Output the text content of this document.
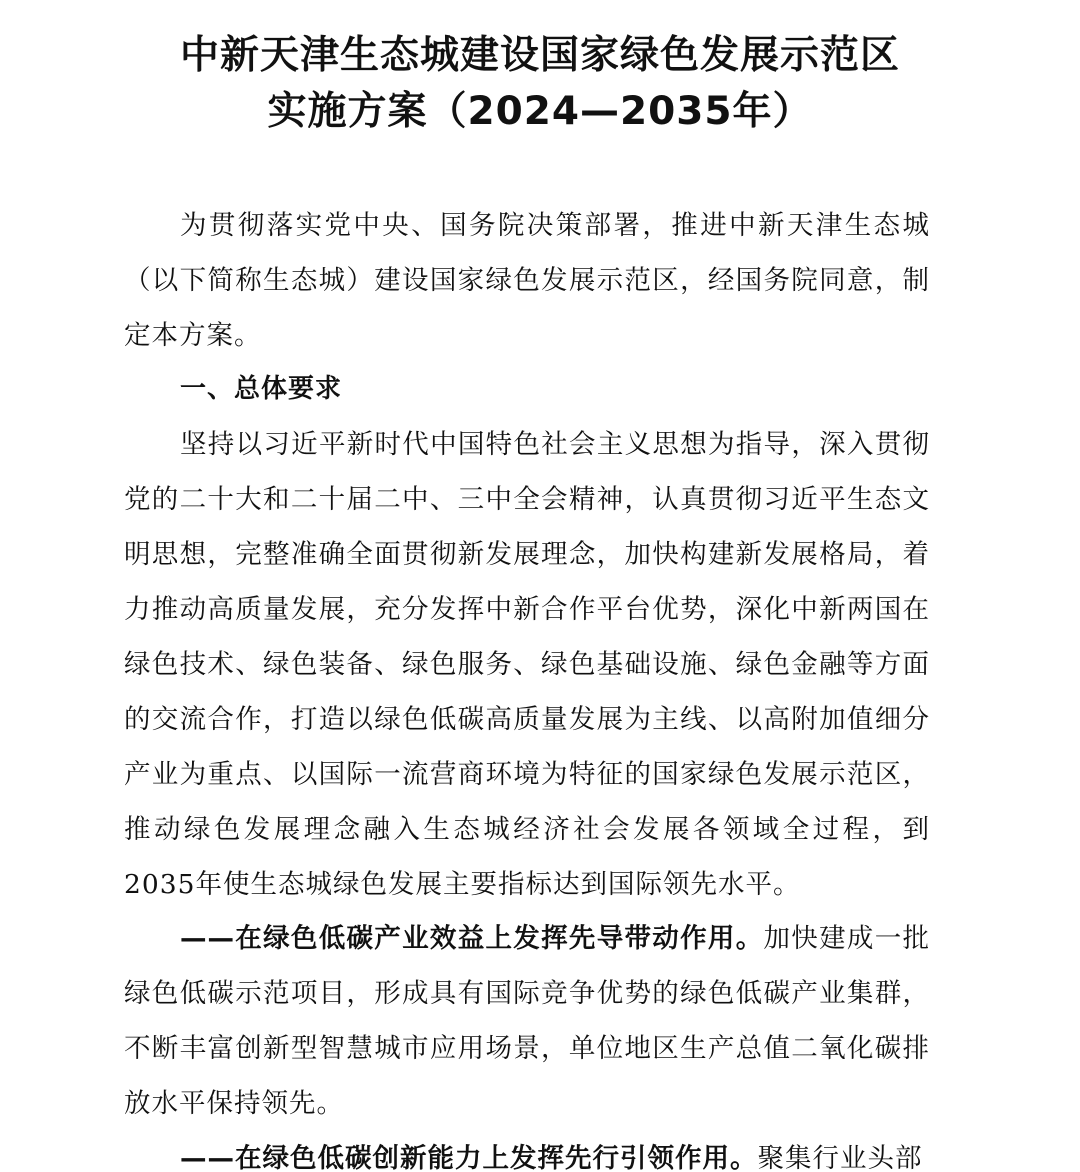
中新天津生态城建设国家绿色发展示范区
实施方案（2024—2035年）

为贯彻落实党中央、国务院决策部署，推进中新天津生态城（以下简称生态城）建设国家绿色发展示范区，经国务院同意，制定本方案。

一、总体要求

坚持以习近平新时代中国特色社会主义思想为指导，深入贯彻党的二十大和二十届二中、三中全会精神，认真贯彻习近平生态文明思想，完整准确全面贯彻新发展理念，加快构建新发展格局，着力推动高质量发展，充分发挥中新合作平台优势，深化中新两国在绿色技术、绿色装备、绿色服务、绿色基础设施、绿色金融等方面的交流合作，打造以绿色低碳高质量发展为主线、以高附加值细分产业为重点、以国际一流营商环境为特征的国家绿色发展示范区，推动绿色发展理念融入生态城经济社会发展各领域全过程，到2035年使生态城绿色发展主要指标达到国际领先水平。

——在绿色低碳产业效益上发挥先导带动作用。加快建成一批绿色低碳示范项目，形成具有国际竞争优势的绿色低碳产业集群，不断丰富创新型智慧城市应用场景，单位地区生产总值二氧化碳排放水平保持领先。

——在绿色低碳创新能力上发挥先行引领作用。聚集行业头部
